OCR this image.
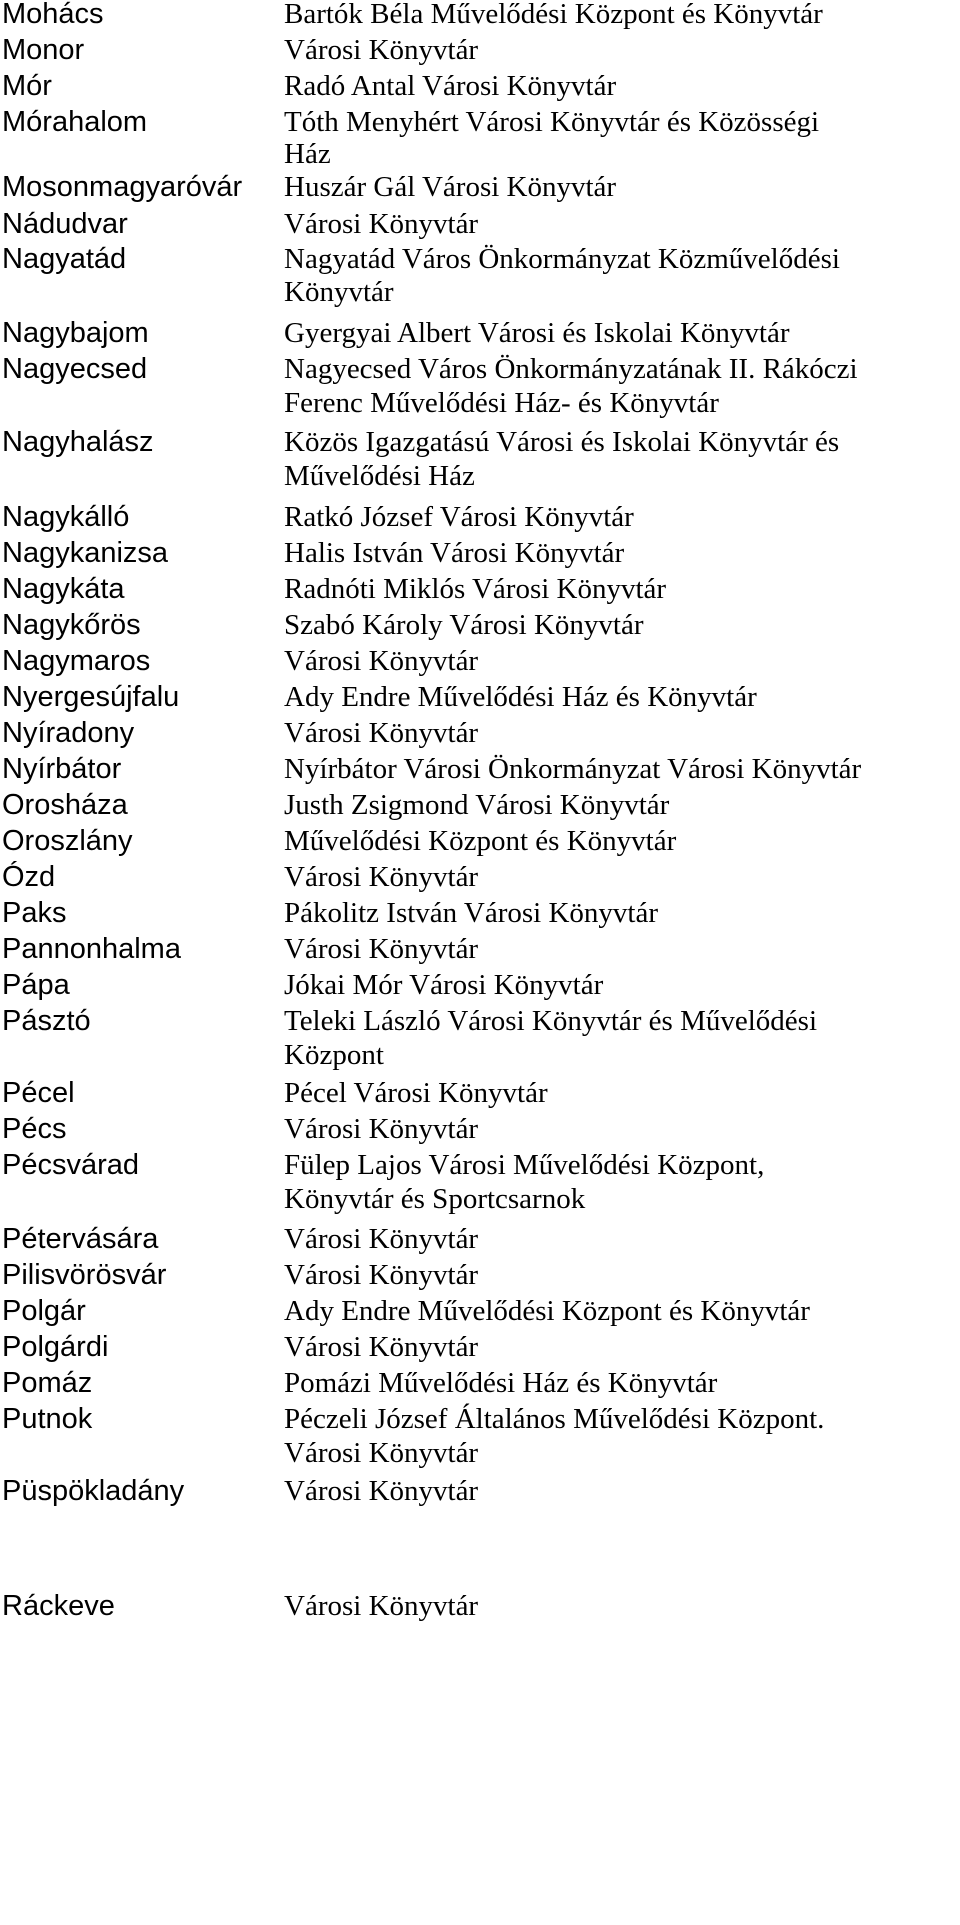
Mohács	Bartók Béla Művelődési Központ és Könyvtár
Monor	Városi Könyvtár
Mór	Radó Antal Városi Könyvtár
Mórahalom	Tóth Menyhért Városi Könyvtár és Közösségi
Ház
Mosonmagyaróvár Huszár Gál Városi Könyvtár
Nádudvar	Városi Könyvtár
Nagyatád	Nagyatád Város Önkormányzat Közművelődési
Könyvtár
Nagybajom	Gyergyai Albert Városi és Iskolai Könyvtár
Nagyecsed	Nagyecsed Város Önkormányzatának II. Rákóczi
Ferenc Művelődési Ház- és Könyvtár
Nagyhalász	Közös Igazgatású Városi és Iskolai Könyvtár és
Művelődési Ház
Nagykálló	Ratkó József Városi Könyvtár
Nagykanizsa	Halis István Városi Könyvtár
Nagykáta	Radnóti Miklós Városi Könyvtár
Nagykőrös	Szabó Károly Városi Könyvtár
Nagymaros	Városi Könyvtár
Nyergesújfalu	Ady Endre Művelődési Ház és Könyvtár
Nyíradony	Városi Könyvtár
Nyírbátor	Nyírbátor Városi Önkormányzat Városi Könyvtár
Orosháza	Justh Zsigmond Városi Könyvtár
Oroszlány	Művelődési Központ és Könyvtár
Ózd	Városi Könyvtár
Paks	Pákolitz István Városi Könyvtár
Pannonhalma	Városi Könyvtár
Pápa	Jókai Mór Városi Könyvtár
Pásztó	Teleki László Városi Könyvtár és Művelődési
Központ
Pécel	Pécel Városi Könyvtár
Pécs	Városi Könyvtár
Pécsvárad	Fülep Lajos Városi Művelődési Központ,
Könyvtár és Sportcsarnok
Pétervására	Városi Könyvtár
Pilisvörösvár	Városi Könyvtár
Polgár	Ady Endre Művelődési Központ és Könyvtár
Polgárdi	Városi Könyvtár
Pomáz	Pomázi Művelődési Ház és Könyvtár
Putnok	Péczeli József Általános Művelődési Központ.
Városi Könyvtár
Püspökladány	Városi Könyvtár
Ráckeve	Városi Könyvtár
